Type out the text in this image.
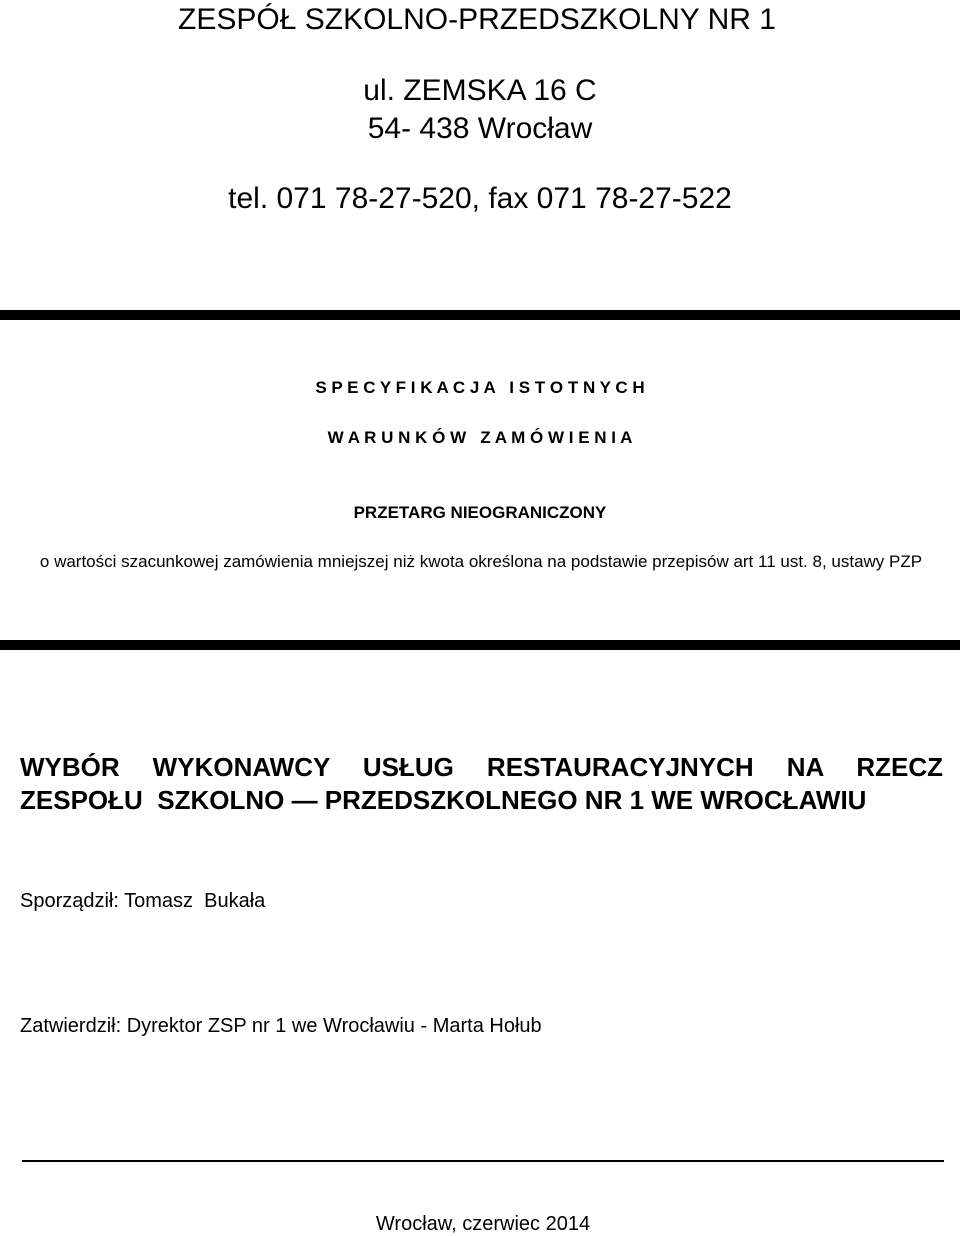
ZESPÓŁ SZKOLNO-PRZEDSZKOLNY NR 1
ul. ZEMSKA 16 C
54- 438 Wrocław
tel. 071 78-27-520, fax 071 78-27-522
S P E C Y F I K A C J A   I S T O T N Y C H
W A R U N K Ó W   Z A M Ó W I E N I A
PRZETARG NIEOGRANICZONY
o wartości szacunkowej zamówienia mniejszej niż kwota określona na podstawie przepisów art 11 ust. 8, ustawy PZP
WYBÓR WYKONAWCY USŁUG RESTAURACYJNYCH NA RZECZ
ZESPOŁU  SZKOLNO — PRZEDSZKOLNEGO NR 1 WE WROCŁAWIU
Sporządził: Tomasz  Bukała
Zatwierdził: Dyrektor ZSP nr 1 we Wrocławiu - Marta Hołub
Wrocław, czerwiec 2014
